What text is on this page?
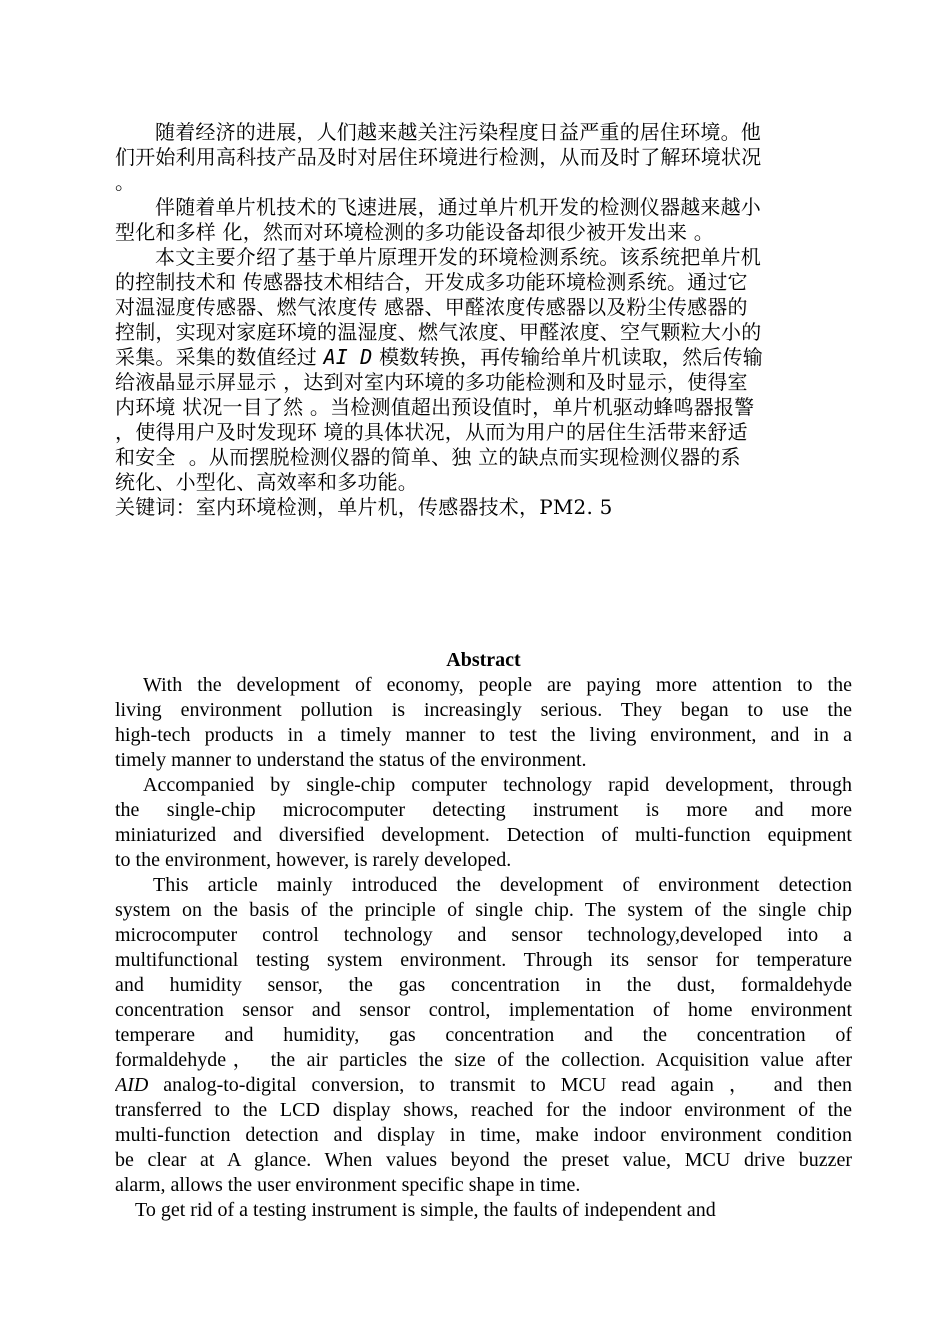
随着经济的进展，人们越来越关注污染程度日益严重的居住环境。他
们开始利用高科技产品及时对居住环境进行检测，从而及时了解环境状况
。
伴随着单片机技术的飞速进展，通过单片机开发的检测仪器越来越小
型化和多样 化，然而对环境检测的多功能设备却很少被开发出来 。
本文主要介绍了基于单片原理开发的环境检测系统。该系统把单片机
的控制技术和 传感器技术相结合，开发成多功能环境检测系统。通过它
对温湿度传感器、燃气浓度传 感器、甲醛浓度传感器以及粉尘传感器的
控制，实现对家庭环境的温湿度、燃气浓度、甲醛浓度、空气颗粒大小的
采集。采集的数值经过 AI D 模数转换，再传输给单片机读取，然后传输
给液晶显示屏显示 ，达到对室内环境的多功能检测和及时显示，使得室
内环境 状况一目了然 。当检测值超出预设值时，单片机驱动蜂鸣器报警
，使得用户及时发现环 境的具体状况，从而为用户的居住生活带来舒适
和安全  。从而摆脱检测仪器的简单、独 立的缺点而实现检测仪器的系
统化、小型化、高效率和多功能。
关键词：室内环境检测，单片机，传感器技术，PM2. 5
Abstract
With the development of economy, people are paying more attention to the
living environment pollution is increasingly serious. They began to use the
high-tech products in a timely manner to test the living environment, and in a
timely manner to understand the status of the environment.
Accompanied by single-chip computer technology rapid development, through
the single-chip microcomputer detecting instrument is more and more
miniaturized and diversified development. Detection of multi-function equipment
to the environment, however, is rarely developed.
This article mainly introduced the development of environment detection
system on the basis of the principle of single chip. The system of the single chip
microcomputer control technology and sensor technology,developed into a
multifunctional testing system environment. Through its sensor for temperature
and humidity sensor, the gas concentration in the dust, formaldehyde
concentration sensor and sensor control, implementation of home environment
temperare and humidity, gas concentration and the concentration of
formaldehyde， the air particles the size of the collection. Acquisition value after
AID analog-to-digital conversion, to transmit to MCU read again ， and then
transferred to the LCD display shows, reached for the indoor environment of the
multi-function detection and display in time, make indoor environment condition
be clear at A glance. When values beyond the preset value, MCU drive buzzer
alarm, allows the user environment specific shape in time.
To get rid of a testing instrument is simple, the faults of independent and
